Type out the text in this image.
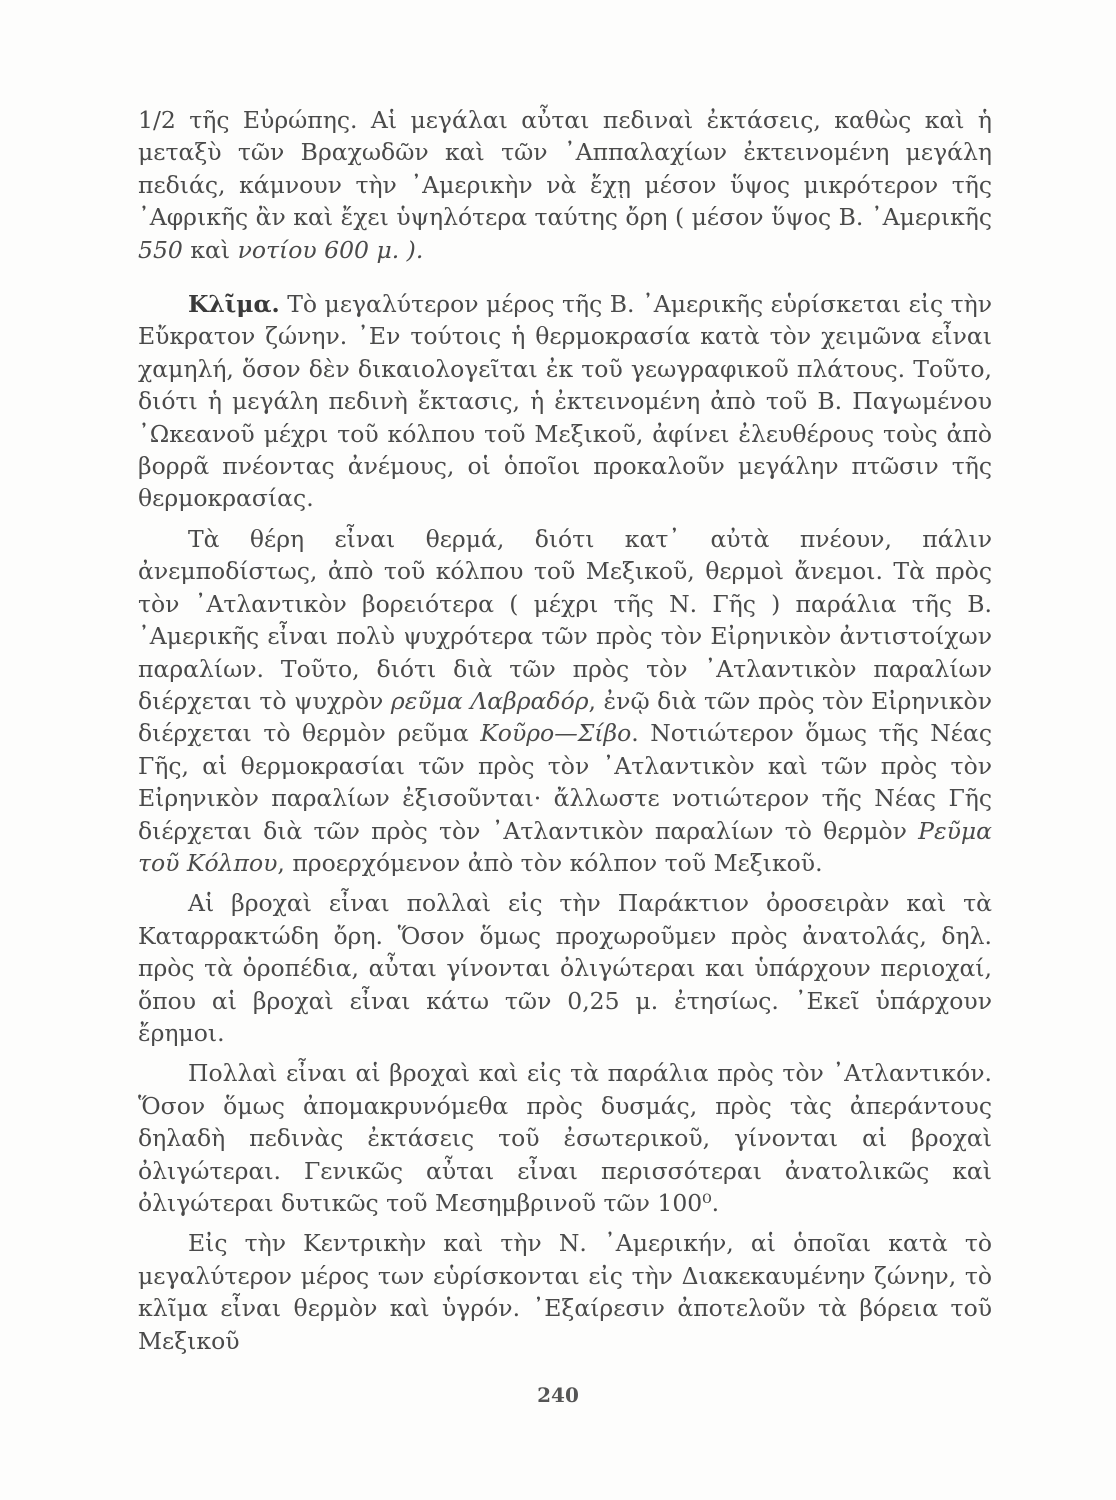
1/2 τῆς Εὐρώπης. Αἱ μεγάλαι αὖται πεδιναὶ ἐκτάσεις, καθὼς καὶ ἡ μεταξὺ τῶν Βραχωδῶν καὶ τῶν ᾽Αππαλαχίων ἐκτεινομένη μεγάλη πεδιάς, κάμνουν τὴν ᾽Αμερικὴν νὰ ἔχῃ μέσον ὕψος μικρότερον τῆς ᾽Αφρικῆς ἂν καὶ ἔχει ὑψηλότερα ταύτης ὄρη ( μέσον ὕψος Β. ᾽Αμερικῆς 550 καὶ νοτίου 600 μ. ).

Κλῖμα. Τὸ μεγαλύτερον μέρος τῆς Β. ᾽Αμερικῆς εὑρίσκεται εἰς τὴν Εὔκρατον ζώνην. ᾽Εν τούτοις ἡ θερμοκρασία κατὰ τὸν χειμῶνα εἶναι χαμηλή, ὅσον δὲν δικαιολογεῖται ἐκ τοῦ γεωγραφικοῦ πλάτους. Τοῦτο, διότι ἡ μεγάλη πεδινὴ ἔκτασις, ἡ ἐκτεινομένη ἀπὸ τοῦ Β. Παγωμένου ᾽Ωκεανοῦ μέχρι τοῦ κόλπου τοῦ Μεξικοῦ, ἀφίνει ἐλευθέρους τοὺς ἀπὸ βορρᾶ πνέοντας ἀνέμους, οἱ ὁποῖοι προκαλοῦν μεγάλην πτῶσιν τῆς θερμοκρασίας.

Τὰ θέρη εἶναι θερμά, διότι κατ᾽ αὐτὰ πνέουν, πάλιν ἀνεμποδίστως, ἀπὸ τοῦ κόλπου τοῦ Μεξικοῦ, θερμοὶ ἄνεμοι. Τὰ πρὸς τὸν ᾽Ατλαντικὸν βορειότερα ( μέχρι τῆς Ν. Γῆς ) παράλια τῆς Β. ᾽Αμερικῆς εἶναι πολὺ ψυχρότερα τῶν πρὸς τὸν Εἰρηνικὸν ἀντιστοίχων παραλίων. Τοῦτο, διότι διὰ τῶν πρὸς τὸν ᾽Ατλαντικὸν παραλίων διέρχεται τὸ ψυχρὸν ρεῦμα Λαβραδόρ, ἐνῷ διὰ τῶν πρὸς τὸν Εἰρηνικὸν διέρχεται τὸ θερμὸν ρεῦμα Κοῦρο—Σίβο. Νοτιώτερον ὅμως τῆς Νέας Γῆς, αἱ θερμοκρασίαι τῶν πρὸς τὸν ᾽Ατλαντικὸν καὶ τῶν πρὸς τὸν Εἰρηνικὸν παραλίων ἐξισοῦνται· ἄλλωστε νοτιώτερον τῆς Νέας Γῆς διέρχεται διὰ τῶν πρὸς τὸν ᾽Ατλαντικὸν παραλίων τὸ θερμὸν Ρεῦμα τοῦ Κόλπου, προερχόμενον ἀπὸ τὸν κόλπον τοῦ Μεξικοῦ.

Αἱ βροχαὶ εἶναι πολλαὶ εἰς τὴν Παράκτιον ὀροσειρὰν καὶ τὰ Καταρρακτώδη ὄρη. Ὅσον ὅμως προχωροῦμεν πρὸς ἀνατολάς, δηλ. πρὸς τὰ ὀροπέδια, αὖται γίνονται ὀλιγώτεραι και ὑπάρχουν περιοχαί, ὅπου αἱ βροχαὶ εἶναι κάτω τῶν 0,25 μ. ἐτησίως. ᾽Εκεῖ ὑπάρχουν ἔρημοι.

Πολλαὶ εἶναι αἱ βροχαὶ καὶ εἰς τὰ παράλια πρὸς τὸν ᾽Ατλαντικόν. Ὅσον ὅμως ἀπομακρυνόμεθα πρὸς δυσμάς, πρὸς τὰς ἀπεράντους δηλαδὴ πεδινὰς ἐκτάσεις τοῦ ἐσωτερικοῦ, γίνονται αἱ βροχαὶ ὀλιγώτεραι. Γενικῶς αὖται εἶναι περισσότεραι ἀνατολικῶς καὶ ὀλιγώτεραι δυτικῶς τοῦ Μεσημβρινοῦ τῶν 100⁰.

Εἰς τὴν Κεντρικὴν καὶ τὴν Ν. ᾽Αμερικήν, αἱ ὁποῖαι κατὰ τὸ μεγαλύτερον μέρος των εὑρίσκονται εἰς τὴν Διακεκαυμένην ζώνην, τὸ κλῖμα εἶναι θερμὸν καὶ ὑγρόν. ᾽Εξαίρεσιν ἀποτελοῦν τὰ βόρεια τοῦ Μεξικοῦ

240
